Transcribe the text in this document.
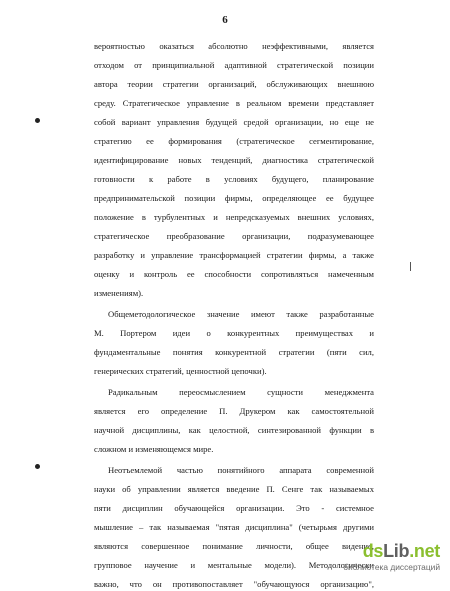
6
вероятностью оказаться абсолютно неэффективными, является
отходом от принципиальной адаптивной стратегической позиции
автора теории стратегии организаций, обслуживающих внешнюю
среду. Стратегическое управление в реальном времени представляет
собой вариант управления будущей средой организации, но еще не
стратегию ее формирования (стратегическое сегментирование,
идентифицирование новых тенденций, диагностика стратегической
готовности к работе в условиях будущего, планирование
предпринимательской позиции фирмы, определяющее ее будущее
положение в турбулентных и непредсказуемых внешних условиях,
стратегическое преобразование организации, подразумевающее
разработку и управление трансформацией стратегии фирмы, а также
оценку и контроль ее способности сопротивляться намеченным
изменениям).
Общеметодологическое значение имеют также разработанные
М. Портером идеи о конкурентных преимуществах и
фундаментальные понятия конкурентной стратегии (пяти сил,
генерических стратегий, ценностной цепочки).
Радикальным переосмыслением сущности менеджмента
является его определение П. Друкером как самостоятельной
научной дисциплины, как целостной, синтезированной функции в
сложном и изменяющемся мире.
Неотъемлемой частью понятийного аппарата современной
науки об управлении является введение П. Сенге так называемых
пяти дисциплин обучающейся организации. Это - системное
мышление – так называемая "пятая дисциплина" (четырьмя другими
являются совершенное понимание личности, общее видение,
групповое научение и ментальные модели). Методологически
важно, что он противопоставляет "обучающуюся организацию",
dsLib.net
библиотека диссертаций
